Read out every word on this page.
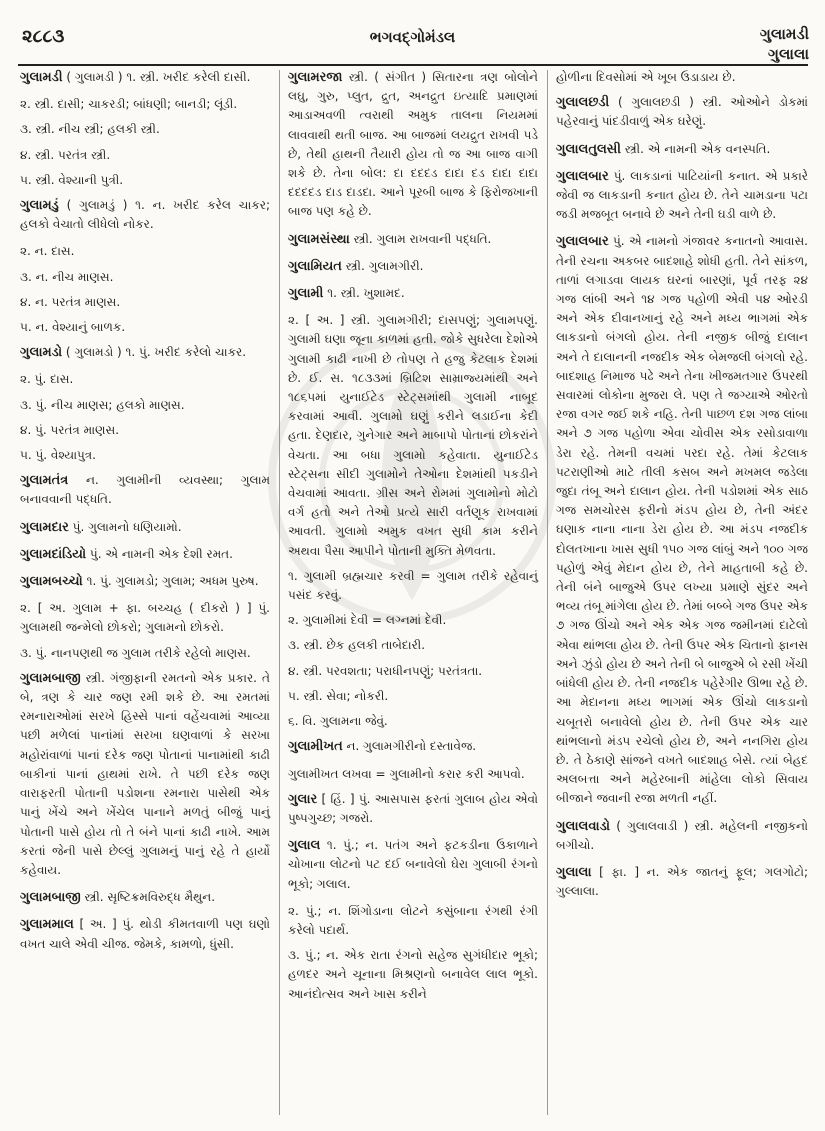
૨૮૮૩	ભગવદ્ગોમંડલ	ગુલામડી
ગુલાલા
ગુલામડી ( ગુલામડી ) ૧. સ્ત્રી. ખરીદ કરેલી દાસી.
૨. સ્ત્રી. દાસી; ચાકરડી; બાંધણી; બાનડી; લૂંડી.
૩. સ્ત્રી. નીચ સ્ત્રી; હલકી સ્ત્રી.
૪. સ્ત્રી. પરતંત્ર સ્ત્રી.
૫. સ્ત્રી. વેશ્યાની પુત્રી.
ગુલામડું ( ગુલામડું ) ૧. ન. ખરીદ કરેલ ચાકર; હલકો વેચાતો લીધેલો નોકર.
૨. ન. દાસ.
૩. ન. નીચ માણસ.
૪. ન. પરતંત્ર માણસ.
૫. ન. વેશ્યાનું બાળક.
ગુલામડો ( ગુલામડો ) ૧. પું. ખરીદ કરેલો ચાકર.
૨. પું. દાસ.
૩. પું. નીચ માણસ; હલકો માણસ.
૪. પું. પરતંત્ર માણસ.
૫. પું. વેશ્યાપુત્ર.
ગુલામતંત્ર ન. ગુલામીની વ્યવસ્થા; ગુલામ બનાવવાની પદ્ધતિ.
ગુલામદાર પું. ગુલામનો ધણિયામો.
ગુલામદાંડિયો પું. એ નામની એક દેશી રમત.
ગુલામબચ્ચો ૧. પું. ગુલામડો; ગુલામ; અધમ પુરુષ.
૨. [ અ. ગુલામ + ફા. બચ્ચહ ( દીકરો ) ] પું. ગુલામથી જન્મેલો છોકરો; ગુલામનો છોકરો.
૩. પું. નાનપણથી જ ગુલામ તરીકે રહેલો માણસ.
ગુલામબાજી સ્ત્રી. ગંજીફાની રમતનો એક પ્રકાર. તે બે, ત્રણ કે ચાર જણ રમી શકે છે. આ રમતમાં રમનારાઓમાં સરખે હિસ્સે પાનાં વહેંચવામાં આવ્યા પછી મળેલાં પાનાંમાં સરખા ઘણવાળાં કે સરખા મહોરાંવાળાં પાનાં દરેક જણ પોતાનાં પાનામાંથી કાઢી બાકીનાં પાનાં હાથમાં રાખે. તે પછી દરેક જણ વારાફરતી પોતાની પડોશના રમનારા પાસેથી એક પાનું ખેંચે અને ખેંચેલ પાનાને મળતું બીજું પાનું પોતાની પાસે હોય તો તે બંને પાનાં કાઢી નાખે. આમ કરતાં જેની પાસે છેલ્લું ગુલામનું પાનું રહે તે હાર્યો કહેવાય.
ગુલામબાજી સ્ત્રી. સૃષ્ટિક્રમવિરુદ્ધ મૈથુન.
ગુલામમાલ [ અ. ] પું. થોડી કીમતવાળી પણ ઘણો વખત ચાલે એવી ચીજ. જેમકે, કામળો, ધુંસી.
ગુલામરજા સ્ત્રી. ( સંગીત ) સિતારના ત્રણ બોલોને લઘુ, ગુરુ, પ્લુત, દ્રુત, અનદ્રુત ઇત્યાદિ પ્રમાણમાં આડાઅવળી ત્વરાથી અમુક તાલના નિયમમાં લાવવાથી થતી બાજ. આ બાજમાં લયદ્રુત રાખવી પડે છે, તેથી હાથની તૈયારી હોય તો જ આ બાજ વાગી શકે છે. તેના બોલ: દા દદદડ દાદા દડ દાદા દાદા દદદદડ દાડ દાડદા. આને પૂરબી બાજ કે ફિરોજખાની બાજ પણ કહે છે.
ગુલામસંસ્થા સ્ત્રી. ગુલામ રાખવાની પદ્ધતિ.
ગુલામિયત સ્ત્રી. ગુલામગીરી.
ગુલામી ૧. સ્ત્રી. ખુશામદ.
૨. [ અ. ] સ્ત્રી. ગુલામગીરી; દાસપણું; ગુલામપણું. ગુલામી ઘણા જૂના કાળમાં હતી. જોકે સુધરેલા દેશોએ ગુલામી કાઢી નાખી છે તોપણ તે હજુ કેટલાક દેશમાં છે. ઈ. સ. ૧૮૩૩માં બ્રિટિશ સામ્રાજ્યમાંથી અને ૧૮૬૫માં યુનાઈટેડ સ્ટેટ્સમાંથી ગુલામી નાબૂદ કરવામાં આવી. ગુલામો ઘણું કરીને લડાઈના કેદી હતા. દેણદાર, ગુનેગાર અને માબાપો પોતાનાં છોકરાંને વેચતા. આ બધા ગુલામો કહેવાતા. યુનાઈટેડ સ્ટેટ્સના સીદી ગુલામોને તેઓના દેશમાંથી પકડીને વેચવામાં આવતા. ગ્રીસ અને રોમમાં ગુલામોનો મોટો વર્ગ હતો અને તેઓ પ્રત્યે સારી વર્તણૂક રાખવામાં આવતી. ગુલામો અમુક વખત સુધી કામ કરીને અથવા પૈસા આપીને પોતાની મુક્તિ મેળવતા.
૧. ગુલામી બ્રહ્મચાર કરવી = ગુલામ તરીકે રહેવાનું પસંદ કરવું.
૨. ગુલામીમાં દેવી = લગ્નમાં દેવી.
૩. સ્ત્રી. છેક હલકી તાબેદારી.
૪. સ્ત્રી. પરવશતા; પરાધીનપણું; પરતંત્રતા.
૫. સ્ત્રી. સેવા; નોકરી.
૬. વિ. ગુલામના જેવું.
ગુલામીખત ન. ગુલામગીરીનો દસ્તાવેજ.
ગુલામીખત લખવા = ગુલામીનો કરાર કરી આપવો.
ગુલાર [ હિં. ] પું. આસપાસ ફરતાં ગુલાબ હોય એવો પુષ્પગુચ્છ; ગજરો.
ગુલાલ ૧. પું.; ન. પતંગ અને ફટકડીના ઉકાળાને ચોખાના લોટનો પટ દઈ બનાવેલો ઘેરા ગુલાબી રંગનો ભૂકો; ગલાલ.
૨. પું.; ન. શિંગોડાના લોટને કસુંબાના રંગથી રંગી કરેલો પદાર્થ.
૩. પું.; ન. એક રાતા રંગનો સહેજ સુગંધીદાર ભૂકો; હળદર અને ચૂનાના મિશ્રણનો બનાવેલ લાલ ભૂકો. આનંદોત્સવ અને ખાસ કરીને
હોળીના દિવસોમાં એ ખૂબ ઉડાડાય છે.
ગુલાલછડી ( ગુલાલછડી ) સ્ત્રી. ઓઓને ડોકમાં પહેરવાનું પાંદડીવાળું એક ઘરેણું.
ગુલાલતુલસી સ્ત્રી. એ નામની એક વનસ્પતિ.
ગુલાલબાર પું. લાકડાનાં પાટિયાંની કનાત. એ પ્રકારે જેવી જ લાકડાની કનાત હોય છે. તેને ચામડાના પટા જડી મજબૂત બનાવે છે અને તેની ઘડી વાળે છે.
ગુલાલબાર પું. એ નામનો ગંજાવર કનાતનો આવાસ. તેની રચના અકબર બાદશાહે શોધી હતી. તેને સાંકળ, તાળાં લગાડવા લાયક ઘરનાં બારણાં, પૂર્વ તરફ ૨૪ ગજ લાંબી અને ૧૪ ગજ પહોળી એવી ૫૪ ઓરડી અને એક દીવાનખાનું રહે અને મધ્ય ભાગમાં એક લાકડાનો બંગલો હોય. તેની નજીક બીજું દાલાન અને તે દાલાનની નજદીક એક બેમજલી બંગલો રહે. બાદશાહ નિમાજ પઢે અને તેના ખીજમતગાર ઉપરથી સવારમાં લોકોના મુજરા લે. પણ તે જગ્યાએ ઓરતો રજા વગર જઈ શકે નહિ. તેની પાછળ દશ ગજ લાંબા અને ૭ ગજ પહોળા એવા ચોવીસ એક રસોડાવાળા ડેરા રહે. તેમની વચમાં પરદા રહે. તેમાં કેટલાક પટરાણીઓ માટે તીલી કસબ અને મખમલ જડેલા જુદા તંબૂ અને દાલાન હોય. તેની પડોશમાં એક સાઠ ગજ સમચોરસ ફરીનો મંડપ હોય છે, તેની અંદર ઘણાક નાના નાના ડેરા હોય છે. આ મંડપ નજદીક દોલતખાના ખાસ સુધી ૧૫૦ ગજ લાંબું અને ૧૦૦ ગજ પહોળું એવું મેદાન હોય છે, તેને માહતાબી કહે છે. તેની બંને બાજુએ ઉપર લખ્યા પ્રમાણે સુંદર અને ભવ્ય તંબૂ માંગેલા હોય છે. તેમાં બબ્બે ગજ ઉપર એક ૭ ગજ ઊંચો અને એક એક ગજ જમીનમાં દાટેલો એવા થાંભલા હોય છે. તેની ઉપર એક ચિતાનો ફાનસ અને ઝુંડો હોય છે અને તેની બે બાજુએ બે રસી ખેંચી બાંધેલી હોય છે. તેની નજદીક પહેરેગીર ઊભા રહે છે. આ મેદાનના મધ્ય ભાગમાં એક ઊંચો લાકડાનો ચબૂતરો બનાવેલો હોય છે. તેની ઉપર એક ચાર થાંભલાનો મંડપ રચેલો હોય છે, અને નનગિરા હોય છે. તે ઠેકાણે સાંજને વખતે બાદશાહ બેસે. ત્યાં બેહદ અલબત્તા અને મહેરબાની માંહેલા લોકો સિવાય બીજાને જવાની રજા મળતી નહીં.
ગુલાલવાડો ( ગુલાલવાડી ) સ્ત્રી. મહેલની નજીકનો બગીચો.
ગુલાલા [ ફા. ] ન. એક જાતનું ફૂલ; ગલગોટો; ગુલ્લાલા.
